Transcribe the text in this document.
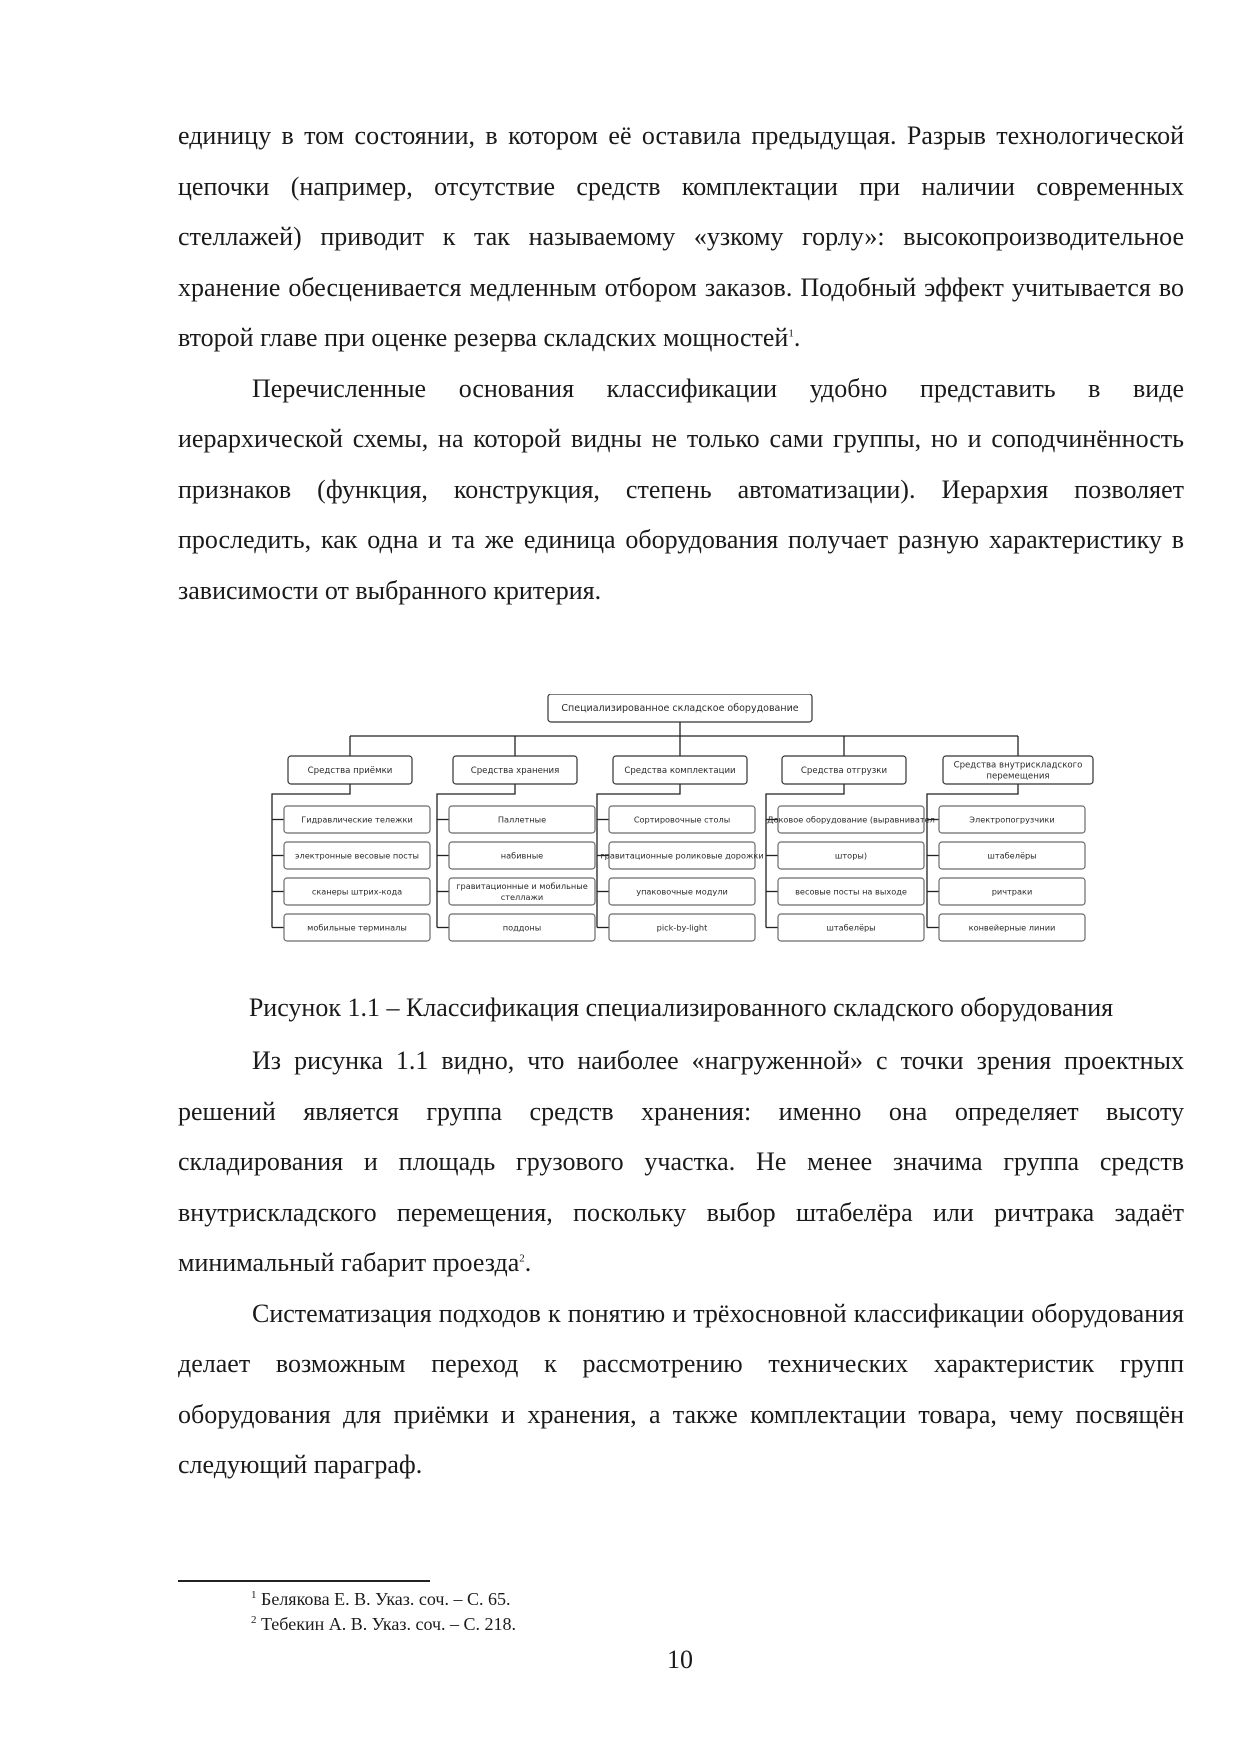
единицу в том состоянии, в котором её оставила предыдущая. Разрыв технологической цепочки (например, отсутствие средств комплектации при наличии современных стеллажей) приводит к так называемому «узкому горлу»: высокопроизводительное хранение обесценивается медленным отбором заказов. Подобный эффект учитывается во второй главе при оценке резерва складских мощностей$^1$.

Перечисленные основания классификации удобно представить в виде иерархической схемы, на которой видны не только сами группы, но и соподчинённость признаков (функция, конструкция, степень автоматизации). Иерархия позволяет проследить, как одна и та же единица оборудования получает разную характеристику в зависимости от выбранного критерия.

Специализированное складское оборудование
Средства приёмки
Гидравлические тележки
электронные весовые посты
сканеры штрих-кода
мобильные терминалы
Средства хранения
Паллетные
набивные
гравитационные и мобильные стеллажи
поддоны
Средства комплектации
Сортировочные столы
гравитационные роликовые дорожки
упаковочные модули
pick-by-light
Средства отгрузки
Доковое оборудование (выравнивател
шторы)
весовые посты на выходе
штабелёры
Средства внутрискладского перемещения
Электропогрузчики
штабелёры
ричтраки
конвейерные линии

Рисунок 1.1 – Классификация специализированного складского оборудования

Из рисунка 1.1 видно, что наиболее «нагруженной» с точки зрения проектных решений является группа средств хранения: именно она определяет высоту складирования и площадь грузового участка. Не менее значима группа средств внутрискладского перемещения, поскольку выбор штабелёра или ричтрака задаёт минимальный габарит проезда$^2$.

Систематизация подходов к понятию и трёхосновной классификации оборудования делает возможным переход к рассмотрению технических характеристик групп оборудования для приёмки и хранения, а также комплектации товара, чему посвящён следующий параграф.

$^1$ Белякова Е. В. Указ. соч. – С. 65.

$^2$ Тебекин А. В. Указ. соч. – С. 218.

10
